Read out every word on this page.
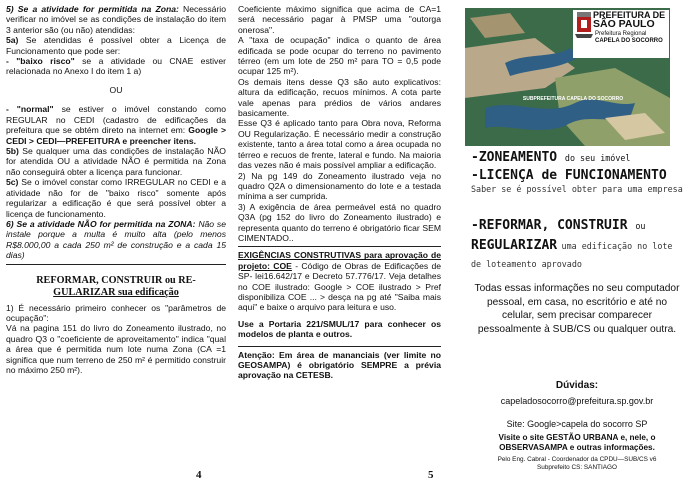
5) Se a atividade for permitida na Zona: Necessário verificar no imóvel se as condições de instalação do item 3 anterior são (ou não) atendidas:

5a) Se atendidas é possível obter a Licença de Funcionamento que pode ser:

- "baixo risco" se a atividade ou CNAE estiver relacionada no Anexo I do item 1 a)

OU

- "normal" se estiver o imóvel constando como REGULAR no CEDI (cadastro de edificações da prefeitura que se obtém direto na internet em: Google > CEDI > CEDI—PREFEITURA e preencher itens.

5b) Se qualquer uma das condições de instalação NÃO for atendida OU a atividade NÃO é permitida na Zona não conseguirá obter a licença para funcionar.

5c) Se o imóvel constar como IRREGULAR no CEDI e a atividade não for de "baixo risco" somente após regularizar a edificação é que será possível obter a licença de funcionamento.

6) Se a atividade NÃO for permitida na ZONA: Não se instale porque a multa é muito alta (pelo menos R$8.000,00 a cada 250 m² de construção e a cada 15 dias)

REFORMAR, CONSTRUIR ou RE-
GULARIZAR sua edificação

1) É necessário primeiro conhecer os "parâmetros de ocupação":

Vá na pagina 151 do livro do Zoneamento ilustrado, no quadro Q3 o "coeficiente de aproveitamento" indica "qual a área que é permitida num lote numa Zona (CA =1 significa que num terreno de 250 m² é permitido construir no máximo 250 m²).

4

Coeficiente máximo significa que acima de CA=1 será necessário pagar à PMSP uma "outorga onerosa".

A "taxa de ocupação" indica o quanto de área edificada se pode ocupar do terreno no pavimento térreo (em um lote de 250 m² para TO = 0,5 pode ocupar 125 m²).

Os demais itens desse Q3 são auto explicativos: altura da edificação, recuos mínimos. A cota parte vale apenas para prédios de vários andares basicamente.

Esse Q3 é aplicado tanto para Obra nova, Reforma OU Regularização. É necessário medir a construção existente, tanto a área total como a área ocupada no térreo e recuos de frente, lateral e fundo. Na maioria das vezes não é mais possível ampliar a edificação.

2) Na pg 149 do Zoneamento ilustrado veja no quadro Q2A o dimensionamento do lote e a testada mínima a ser cumprida.

3) A exigência de área permeável está no quadro Q3A (pg 152 do livro do Zoneamento ilustrado) e representa quanto do terreno é obrigatório ficar SEM CIMENTADO..

EXIGÊNCIAS CONSTRUTIVAS para aprovação de projeto: COE - Código de Obras de Edificações de SP- lei16.642/17 e Decreto 57.776/17. Veja detalhes no COE ilustrado: Google > COE ilustrado > Pref disponibiliza COE ... > desça na pg até "Saiba mais aqui" e baixe o arquivo para leitura e uso.

Use a Portaria 221/SMUL/17 para conhecer os modelos de planta e outros.

Atenção: Em área de mananciais (ver limite no GEOSAMPA) é obrigatório SEMPRE a prévia aprovação na CETESB.

5
SUBPREFEITURA CAPELA DO SOCORRO
PREFEITURA DE
SÃO PAULO
Prefeitura Regional
CAPELA DO SOCORRO
-ZONEAMENTO do seu imóvel
-LICENÇA de FUNCIONAMENTO
Saber se é possível obter para uma empresa
-REFORMAR, CONSTRUIR ou
REGULARIZAR uma edificação no lote de loteamento aprovado
Todas essas informações no seu computador pessoal, em casa, no escritório e até no celular, sem precisar comparecer pessoalmente à SUB/CS ou qualquer outra.
Dúvidas:
capeladosocorro@prefeitura.sp.gov.br
Site: Google>capela do socorro SP
Visite o site GESTÃO URBANA e, nele, o OBSERVASAMPA e outras informações.
Pelo Eng. Cabral - Coordenador da CPDU—SUB/CS v6
Subprefeito CS: SANTIAGO
